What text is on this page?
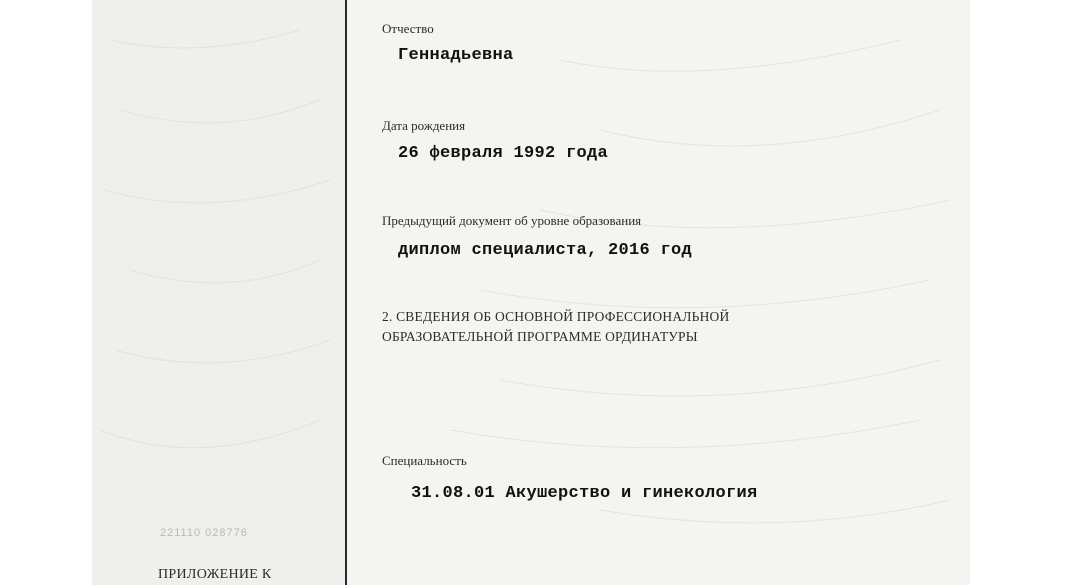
Отчество
Геннадьевна
Дата рождения
26 февраля 1992 года
Предыдущий документ об уровне образования
диплом специалиста, 2016 год
2. СВЕДЕНИЯ ОБ ОСНОВНОЙ ПРОФЕССИОНАЛЬНОЙ
ОБРАЗОВАТЕЛЬНОЙ ПРОГРАММЕ ОРДИНАТУРЫ
Специальность
31.08.01 Акушерство и гинекология
221110 028776
ПРИЛОЖЕНИЕ К
